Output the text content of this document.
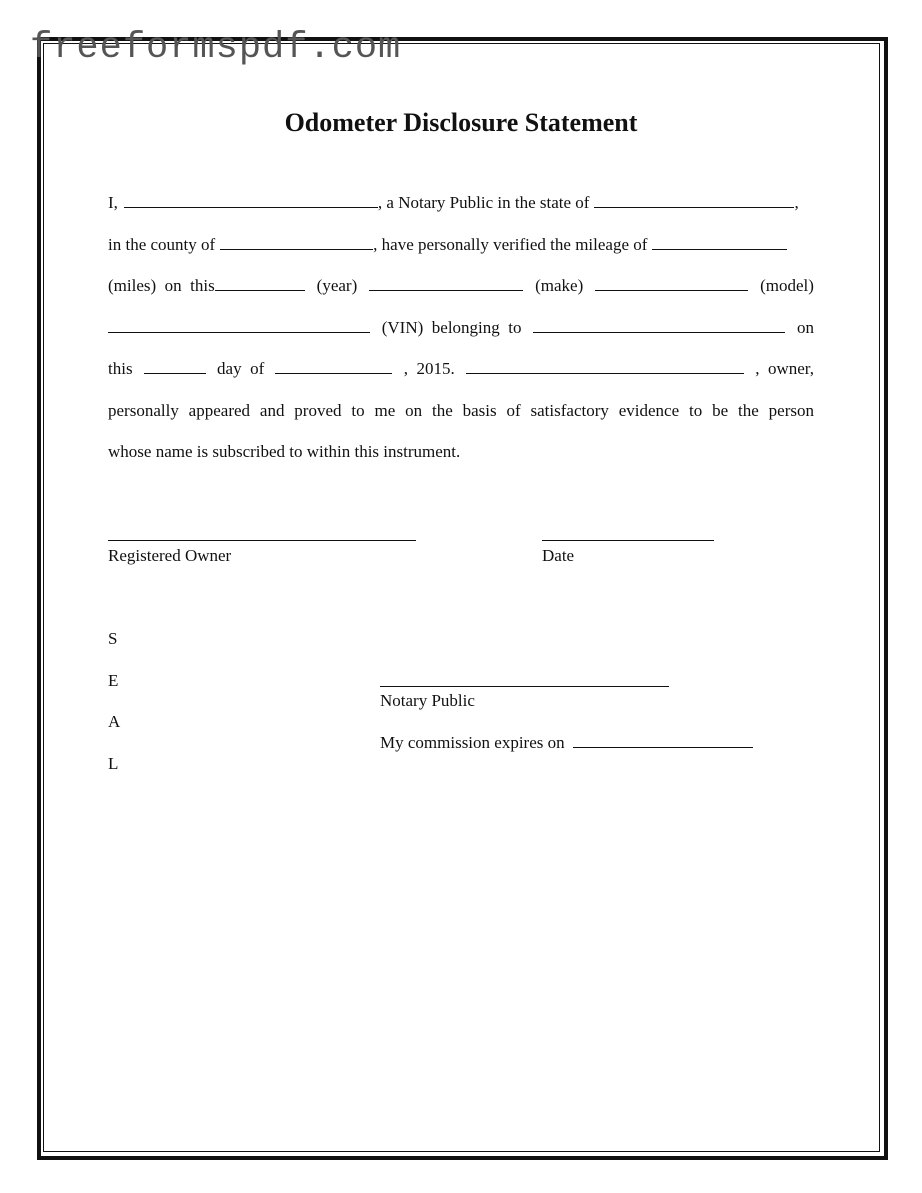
freeformspdf.com
Odometer Disclosure Statement
I,	, a Notary Public in the state of	,
in the county of	, have personally verified the mileage of
(miles)  on  this	(year)	(make)	(model)
(VIN)  belonging  to	on
this	day  of	,  2015.	,  owner,
personally appeared and proved to me on the basis of satisfactory evidence to be the person
whose name is subscribed to within this instrument.
Registered Owner	Date
S
E
A
L
Notary Public
My commission expires on
